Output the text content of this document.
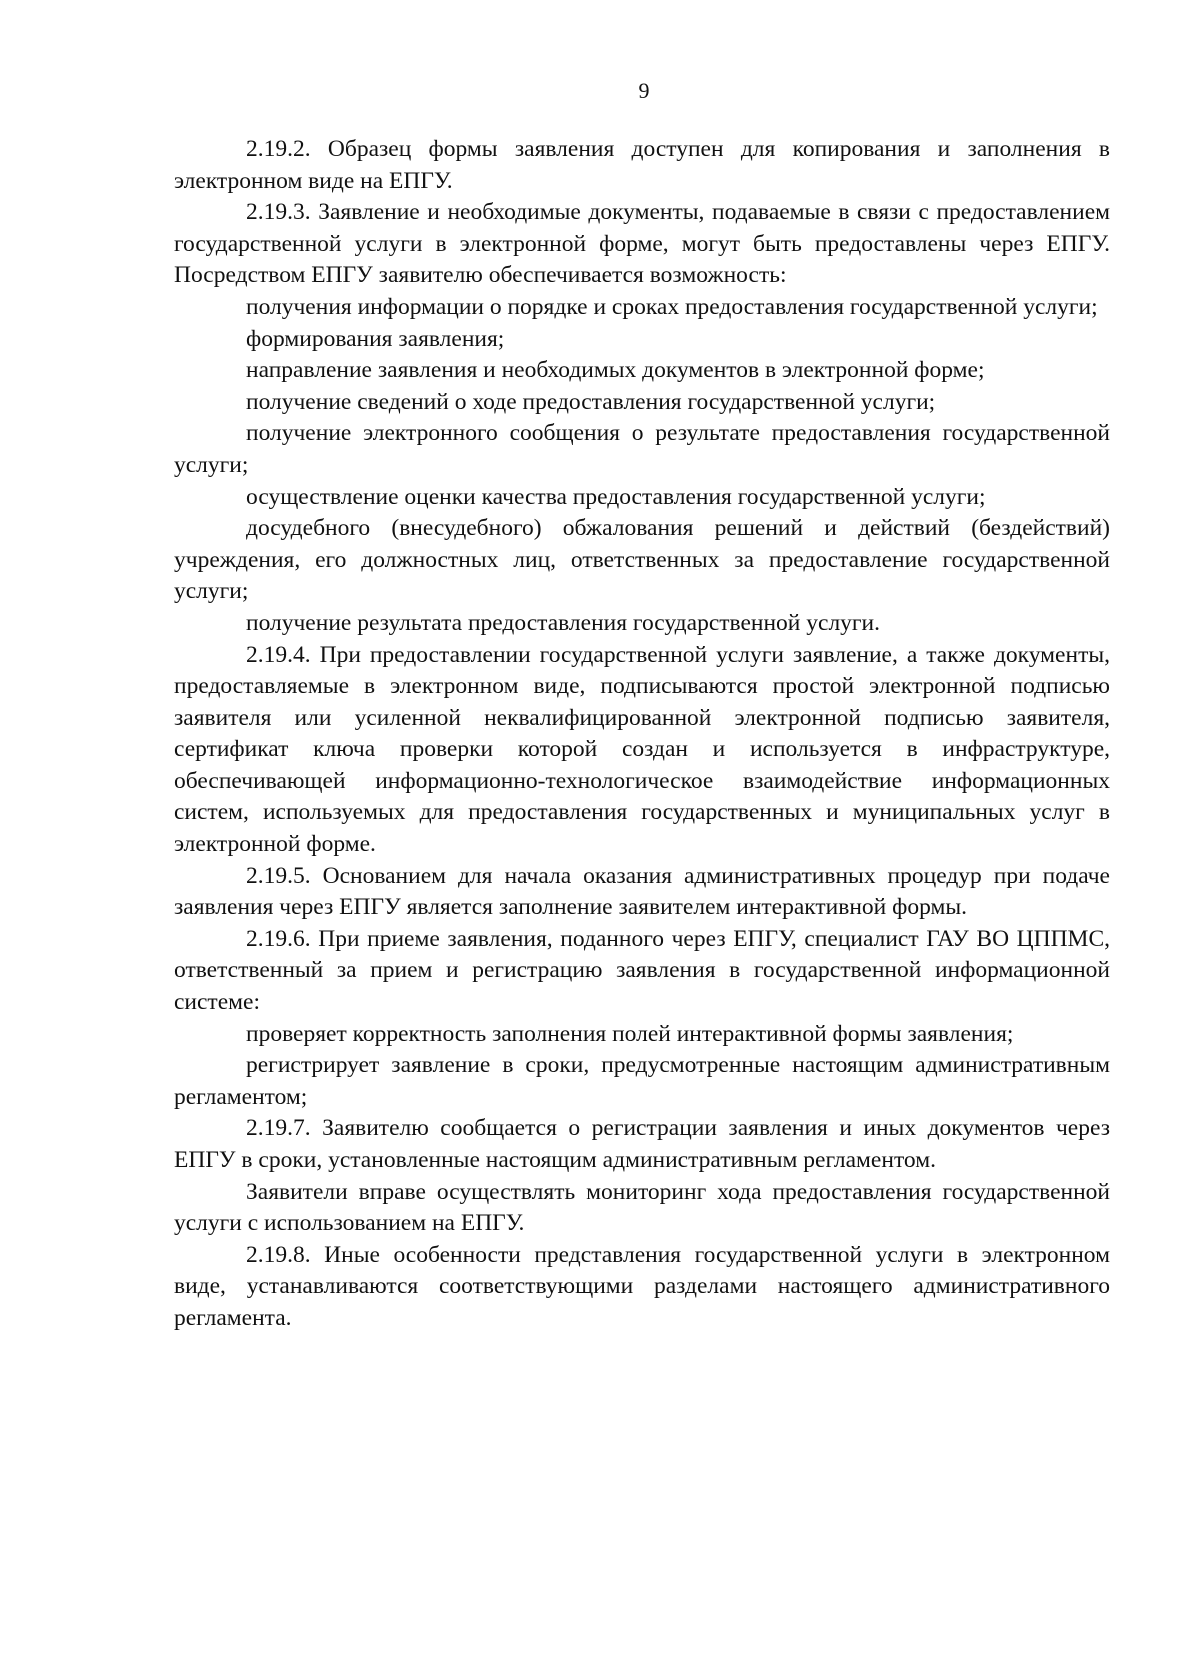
9

2.19.2. Образец формы заявления доступен для копирования и заполнения в электронном виде на ЕПГУ.

2.19.3. Заявление и необходимые документы, подаваемые в связи с предоставлением государственной услуги в электронной форме, могут быть предоставлены через ЕПГУ. Посредством ЕПГУ заявителю обеспечивается возможность:

получения информации о порядке и сроках предоставления государственной услуги;

формирования заявления;

направление заявления и необходимых документов в электронной форме;

получение сведений о ходе предоставления государственной услуги;

получение электронного сообщения о результате предоставления государственной услуги;

осуществление оценки качества предоставления государственной услуги;

досудебного (внесудебного) обжалования решений и действий (бездействий) учреждения, его должностных лиц, ответственных за предоставление государственной услуги;

получение результата предоставления государственной услуги.

2.19.4. При предоставлении государственной услуги заявление, а также документы, предоставляемые в электронном виде, подписываются простой электронной подписью заявителя или усиленной неквалифицированной электронной подписью заявителя, сертификат ключа проверки которой создан и используется в инфраструктуре, обеспечивающей информационно-технологическое взаимодействие информационных систем, используемых для предоставления государственных и муниципальных услуг в электронной форме.

2.19.5. Основанием для начала оказания административных процедур при подаче заявления через ЕПГУ является заполнение заявителем интерактивной формы.

2.19.6. При приеме заявления, поданного через ЕПГУ, специалист ГАУ ВО ЦППМС, ответственный за прием и регистрацию заявления в государственной информационной системе:

проверяет корректность заполнения полей интерактивной формы заявления;

регистрирует заявление в сроки, предусмотренные настоящим административным регламентом;

2.19.7. Заявителю сообщается о регистрации заявления и иных документов через ЕПГУ в сроки, установленные настоящим административным регламентом.

Заявители вправе осуществлять мониторинг хода предоставления государственной услуги с использованием на ЕПГУ.

2.19.8. Иные особенности представления государственной услуги в электронном виде, устанавливаются соответствующими разделами настоящего административного регламента.
